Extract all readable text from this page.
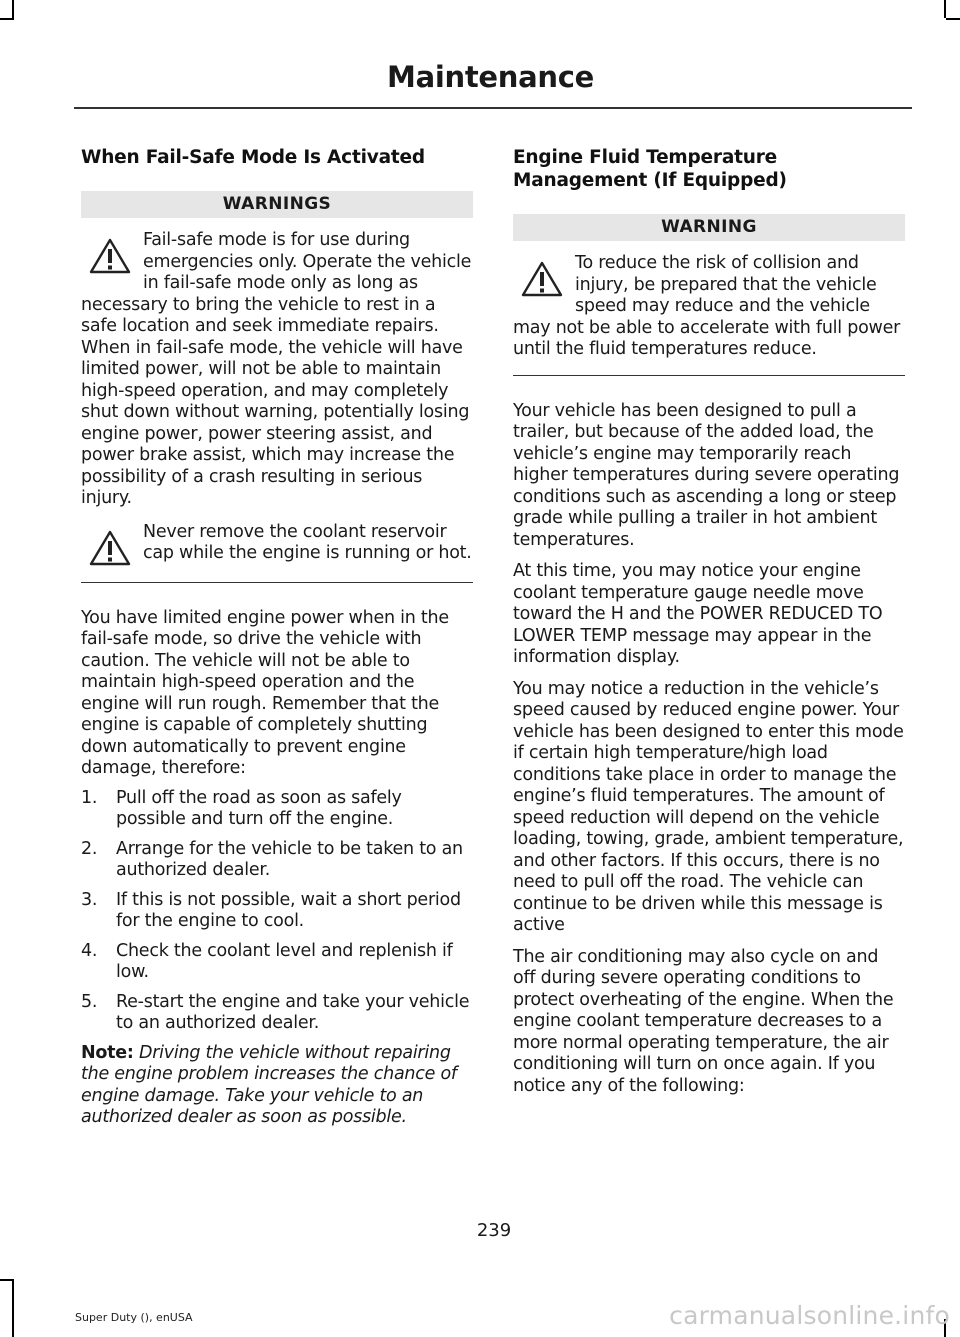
Maintenance
When Fail-Safe Mode Is Activated
WARNINGS
Fail-safe mode is for use during emergencies only. Operate the vehicle in fail-safe mode only as long as necessary to bring the vehicle to rest in a safe location and seek immediate repairs. When in fail-safe mode, the vehicle will have limited power, will not be able to maintain high-speed operation, and may completely shut down without warning, potentially losing engine power, power steering assist, and power brake assist, which may increase the possibility of a crash resulting in serious injury.
Never remove the coolant reservoir cap while the engine is running or hot.

You have limited engine power when in the fail-safe mode, so drive the vehicle with caution. The vehicle will not be able to maintain high-speed operation and the engine will run rough. Remember that the engine is capable of completely shutting down automatically to prevent engine damage, therefore:

1. Pull off the road as soon as safely possible and turn off the engine.
2. Arrange for the vehicle to be taken to an authorized dealer.
3. If this is not possible, wait a short period for the engine to cool.
4. Check the coolant level and replenish if low.
5. Re-start the engine and take your vehicle to an authorized dealer.

Note: Driving the vehicle without repairing the engine problem increases the chance of engine damage. Take your vehicle to an authorized dealer as soon as possible.

Engine Fluid Temperature
Management (If Equipped)
WARNING
To reduce the risk of collision and injury, be prepared that the vehicle speed may reduce and the vehicle may not be able to accelerate with full power until the fluid temperatures reduce.

Your vehicle has been designed to pull a trailer, but because of the added load, the vehicle’s engine may temporarily reach higher temperatures during severe operating conditions such as ascending a long or steep grade while pulling a trailer in hot ambient temperatures.

At this time, you may notice your engine coolant temperature gauge needle move toward the H and the POWER REDUCED TO LOWER TEMP message may appear in the information display.

You may notice a reduction in the vehicle’s speed caused by reduced engine power. Your vehicle has been designed to enter this mode if certain high temperature/high load conditions take place in order to manage the engine’s fluid temperatures. The amount of speed reduction will depend on the vehicle loading, towing, grade, ambient temperature, and other factors. If this occurs, there is no need to pull off the road. The vehicle can continue to be driven while this message is active

The air conditioning may also cycle on and off during severe operating conditions to protect overheating of the engine. When the engine coolant temperature decreases to a more normal operating temperature, the air conditioning will turn on once again. If you notice any of the following:

239
Super Duty (), enUSA	carmanualsonline.info
